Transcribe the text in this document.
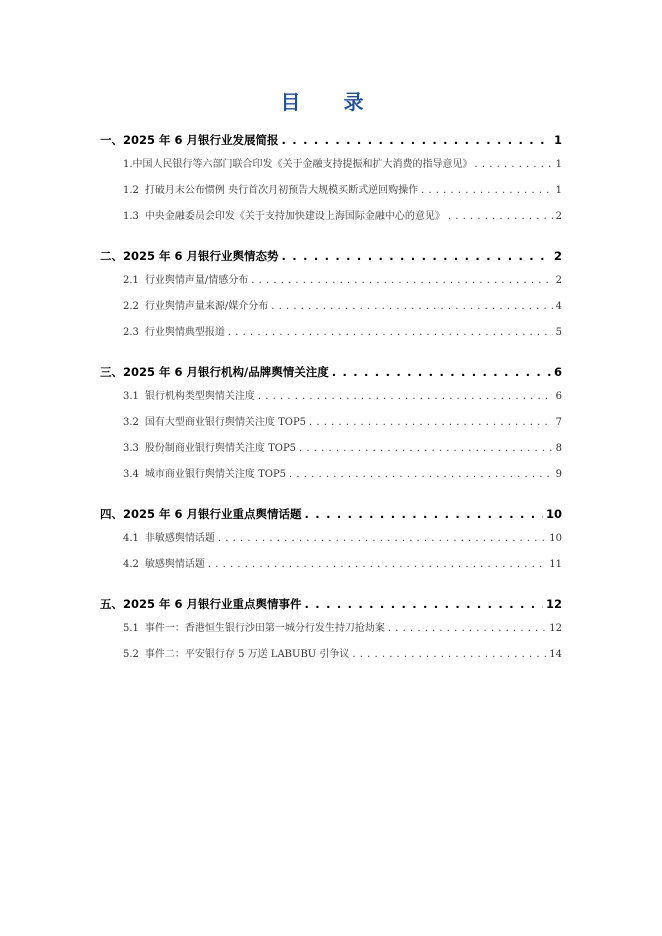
目 录
一、 2025 年 6 月银行业发展简报 . . .	1
1. 中国人民银行等六部门联合印发《关于金融支持提振和扩大消费的指导意见》 . . .	1
1.2 打破月末公布惯例 央行首次月初预告大规模买断式逆回购操作 . . .	1
1.3 中央金融委员会印发《关于支持加快建设上海国际金融中心的意见》 . . .	2
二、 2025 年 6 月银行业舆情态势 . . .	2
2.1 行业舆情声量/情感分布 . . .	2
2.2 行业舆情声量来源/媒介分布 . . .	4
2.3 行业舆情典型报道 . . .	5
三、 2025 年 6 月银行机构/品牌舆情关注度 . . .	6
3.1 银行机构类型舆情关注度 . . .	6
3.2 国有大型商业银行舆情关注度 TOP5 . . .	7
3.3 股份制商业银行舆情关注度 TOP5 . . .	8
3.4 城市商业银行舆情关注度 TOP5 . . .	9
四、 2025 年 6 月银行业重点舆情话题 . . .	10
4.1 非敏感舆情话题 . . .	10
4.2 敏感舆情话题 . . .	11
五、 2025 年 6 月银行业重点舆情事件 . . .	12
5.1 事件一：香港恒生银行沙田第一城分行发生持刀抢劫案 . . .	12
5.2 事件二：平安银行存 5 万送 LABUBU 引争议 . . .	14
